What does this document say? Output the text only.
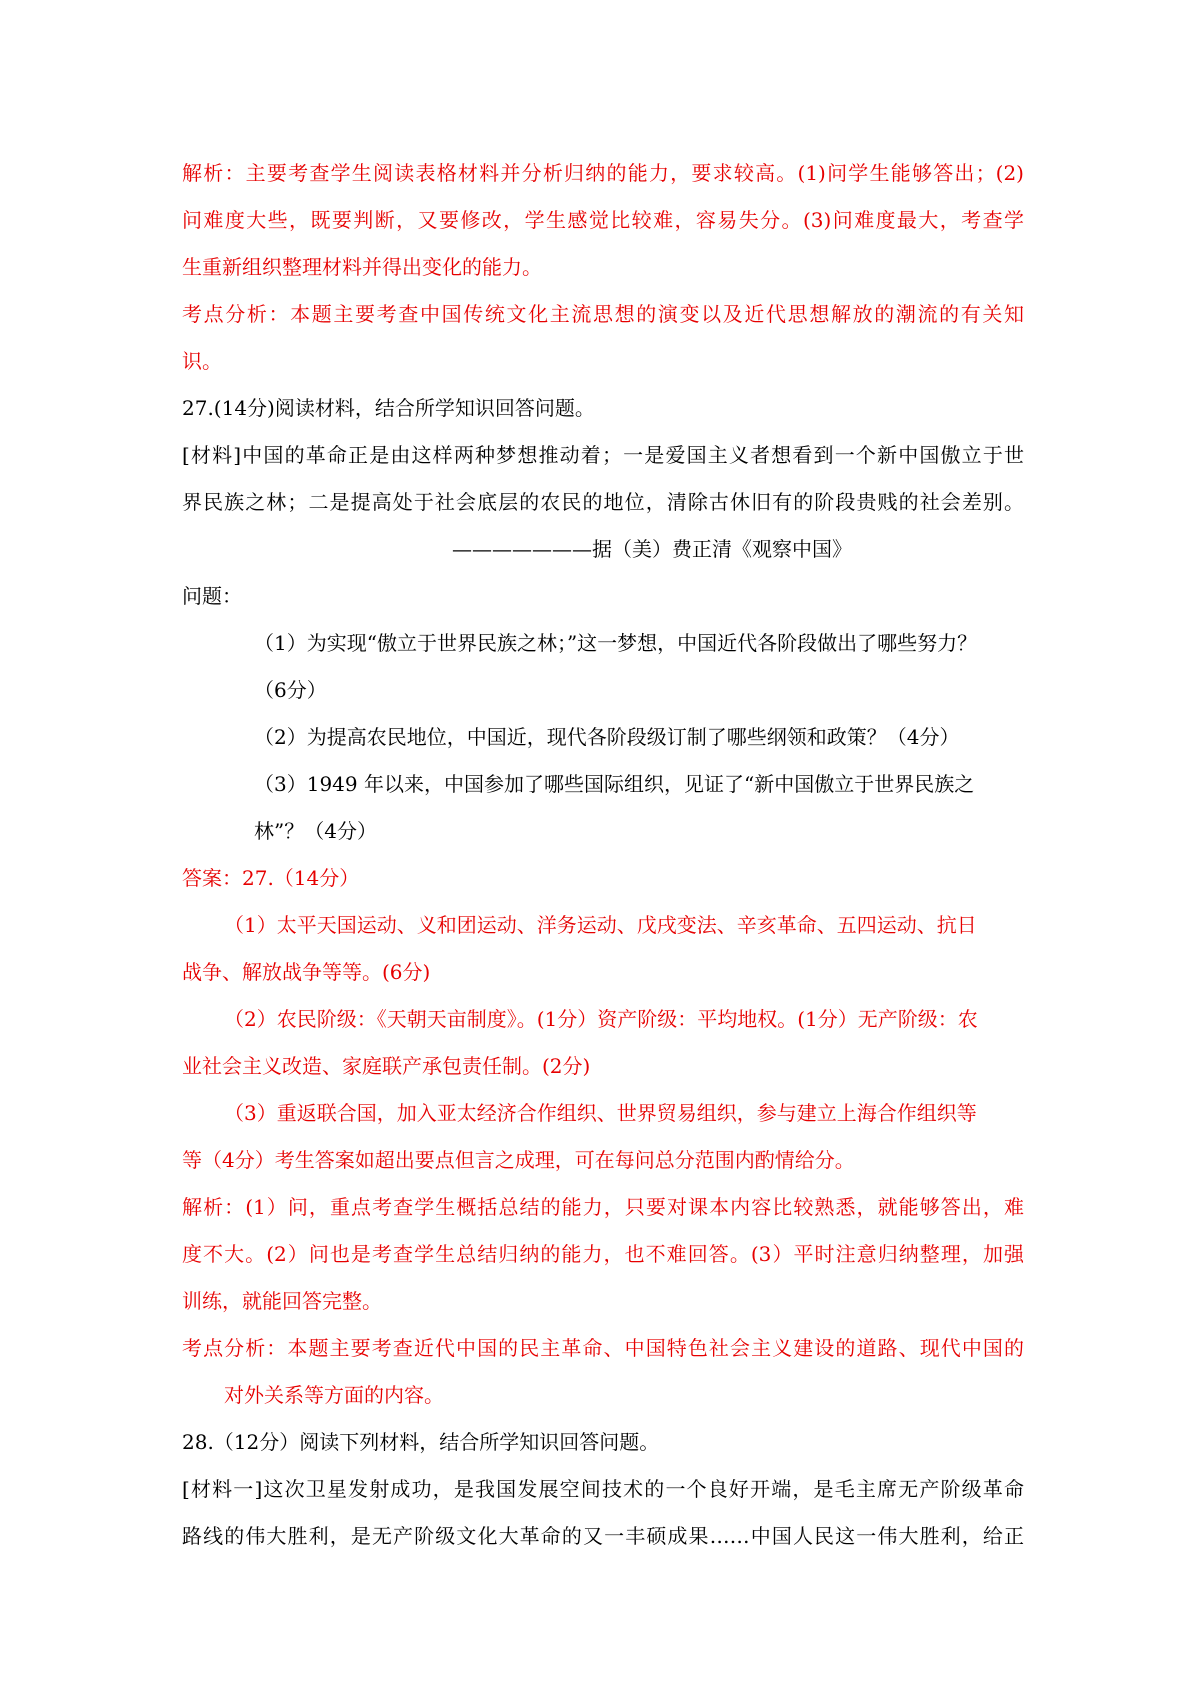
解析：主要考查学生阅读表格材料并分析归纳的能力，要求较高。(1)问学生能够答出；(2)
问难度大些，既要判断，又要修改，学生感觉比较难，容易失分。(3)问难度最大，考查学
生重新组织整理材料并得出变化的能力。
考点分析：本题主要考查中国传统文化主流思想的演变以及近代思想解放的潮流的有关知
识。
27.(14分)阅读材料，结合所学知识回答问题。
[材料]中国的革命正是由这样两种梦想推动着；一是爱国主义者想看到一个新中国傲立于世
界民族之林；二是提高处于社会底层的农民的地位，清除古休旧有的阶段贵贱的社会差别。
———————据（美）费正清《观察中国》
问题：
（1）为实现“傲立于世界民族之林；”这一梦想，中国近代各阶段做出了哪些努力？
（6分）
（2）为提高农民地位，中国近，现代各阶段级订制了哪些纲领和政策？（4分）
（3）1949 年以来，中国参加了哪些国际组织，见证了“新中国傲立于世界民族之
林”？（4分）
答案：27.（14分）
（1）太平天国运动、义和团运动、洋务运动、戊戌变法、辛亥革命、五四运动、抗日
战争、解放战争等等。(6分)
（2）农民阶级：《天朝天亩制度》。(1分）资产阶级：平均地权。(1分）无产阶级：农
业社会主义改造、家庭联产承包责任制。(2分)
（3）重返联合国，加入亚太经济合作组织、世界贸易组织，参与建立上海合作组织等
等（4分）考生答案如超出要点但言之成理，可在每问总分范围内酌情给分。
解析：(1）问，重点考查学生概括总结的能力，只要对课本内容比较熟悉，就能够答出，难
度不大。(2）问也是考查学生总结归纳的能力，也不难回答。(3）平时注意归纳整理，加强
训练，就能回答完整。
考点分析：本题主要考查近代中国的民主革命、中国特色社会主义建设的道路、现代中国的
对外关系等方面的内容。
28.（12分）阅读下列材料，结合所学知识回答问题。
[材料一]这次卫星发射成功，是我国发展空间技术的一个良好开端，是毛主席无产阶级革命
路线的伟大胜利，是无产阶级文化大革命的又一丰硕成果……中国人民这一伟大胜利，给正
